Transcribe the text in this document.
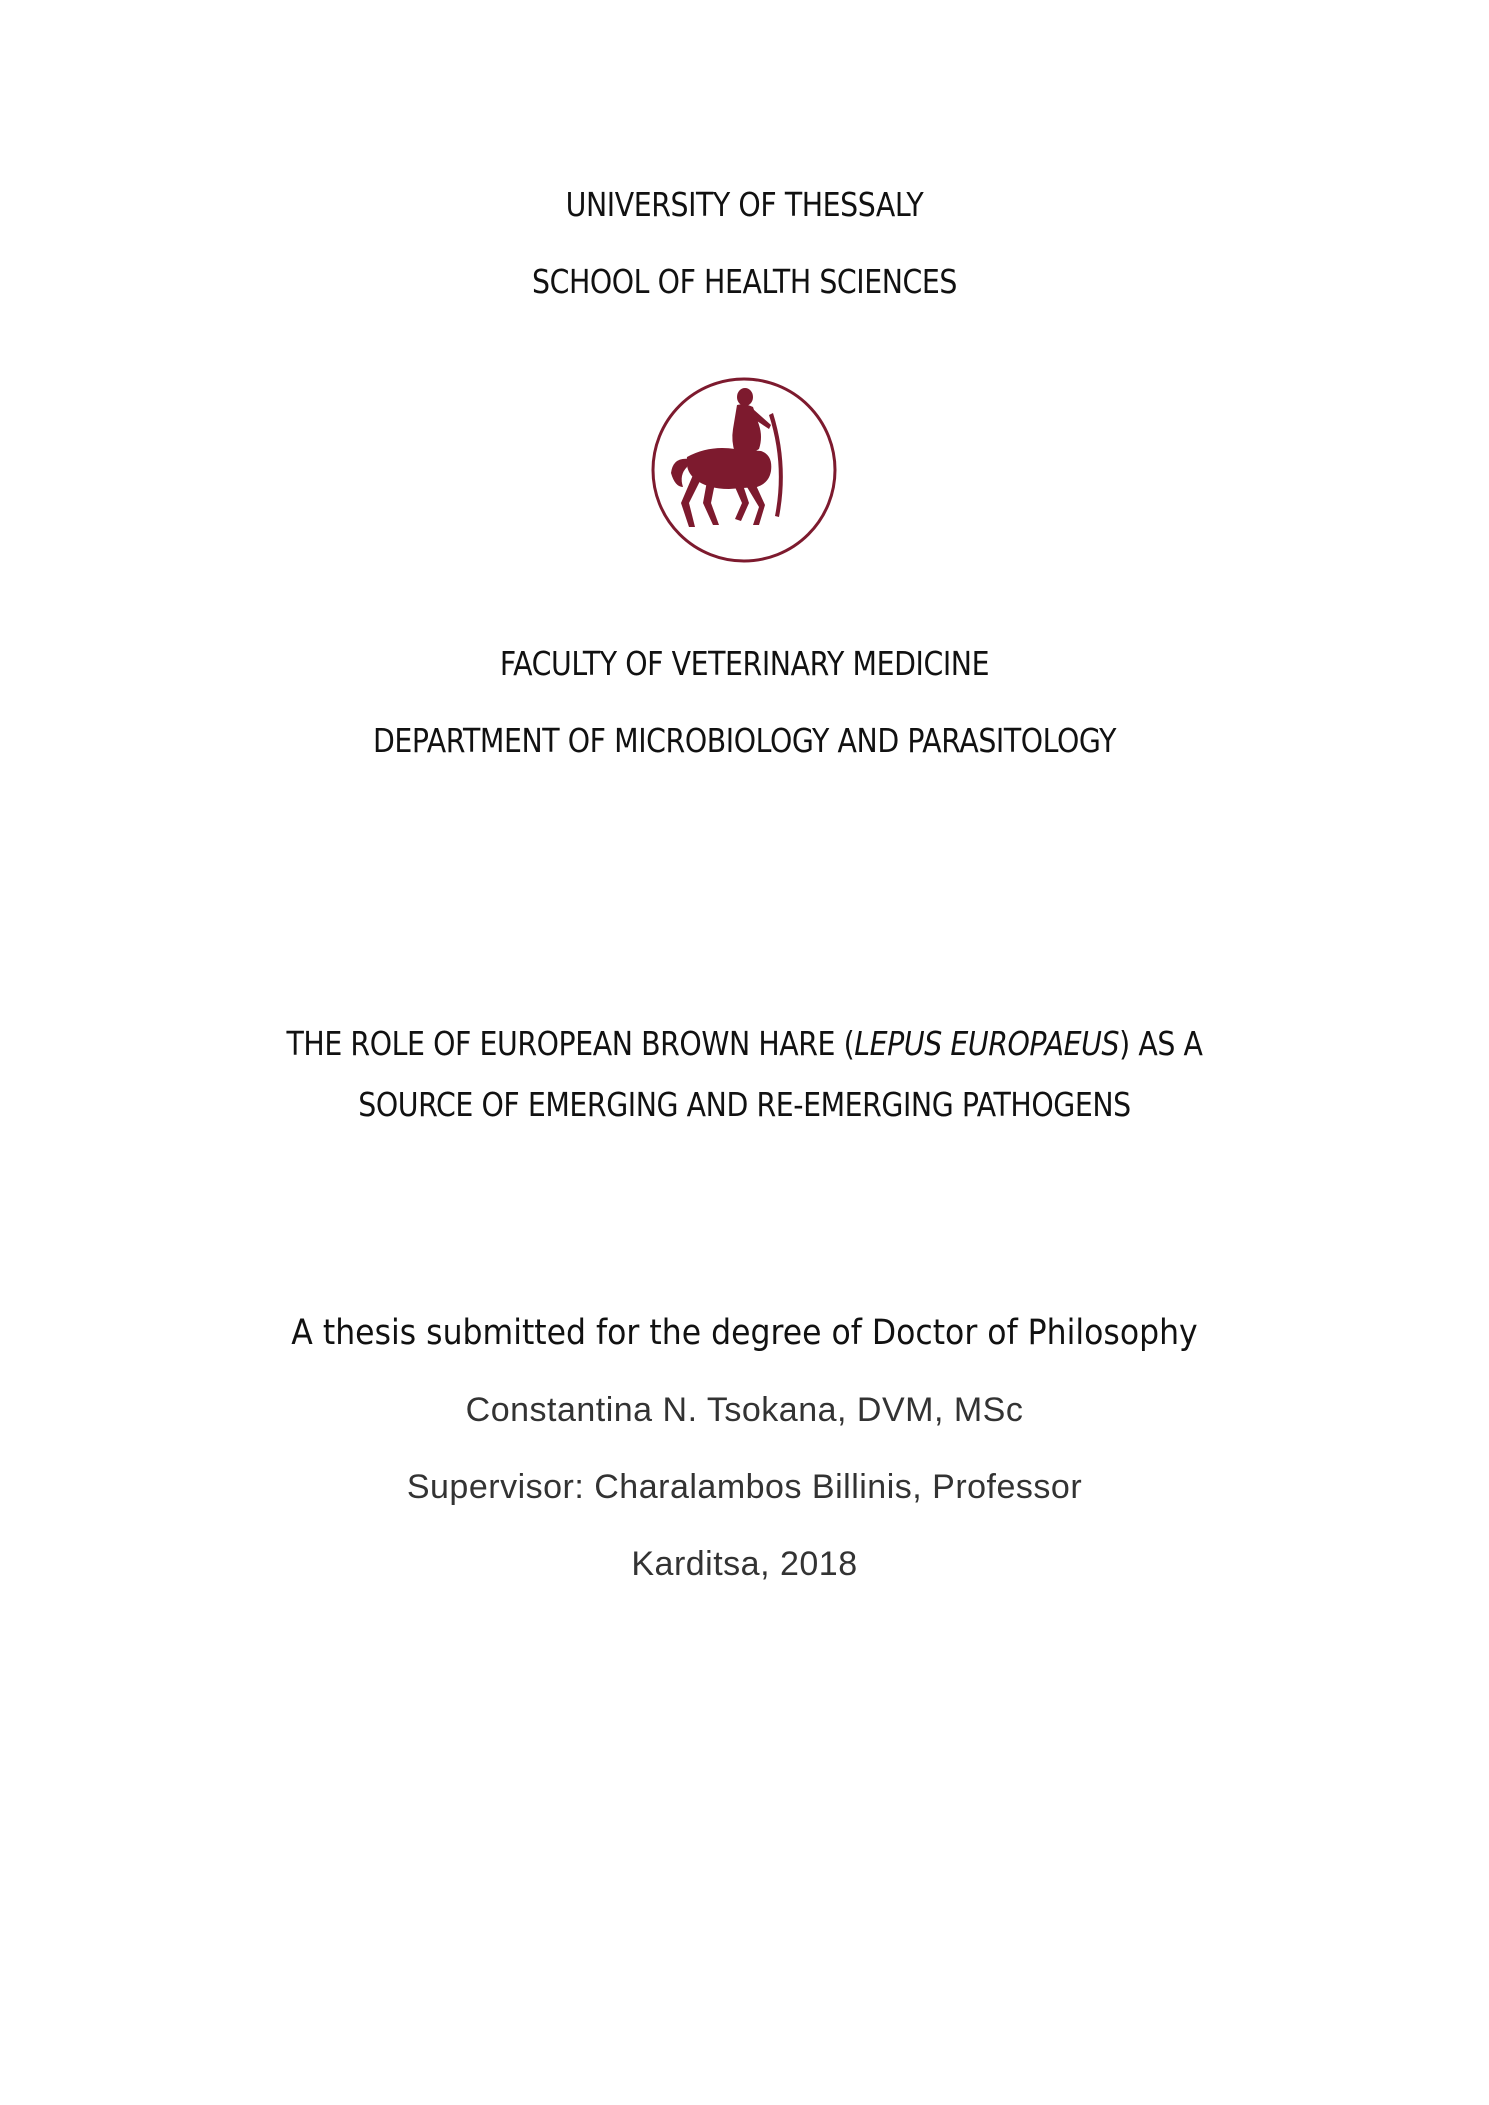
UNIVERSITY OF THESSALY
SCHOOL OF HEALTH SCIENCES
FACULTY OF VETERINARY MEDICINE
DEPARTMENT OF MICROBIOLOGY AND PARASITOLOGY
THE ROLE OF EUROPEAN BROWN HARE (LEPUS EUROPAEUS) AS A
SOURCE OF EMERGING AND RE-EMERGING PATHOGENS
A thesis submitted for the degree of Doctor of Philosophy
Constantina N. Tsokana, DVM, MSc
Supervisor: Charalambos Billinis, Professor
Karditsa, 2018
